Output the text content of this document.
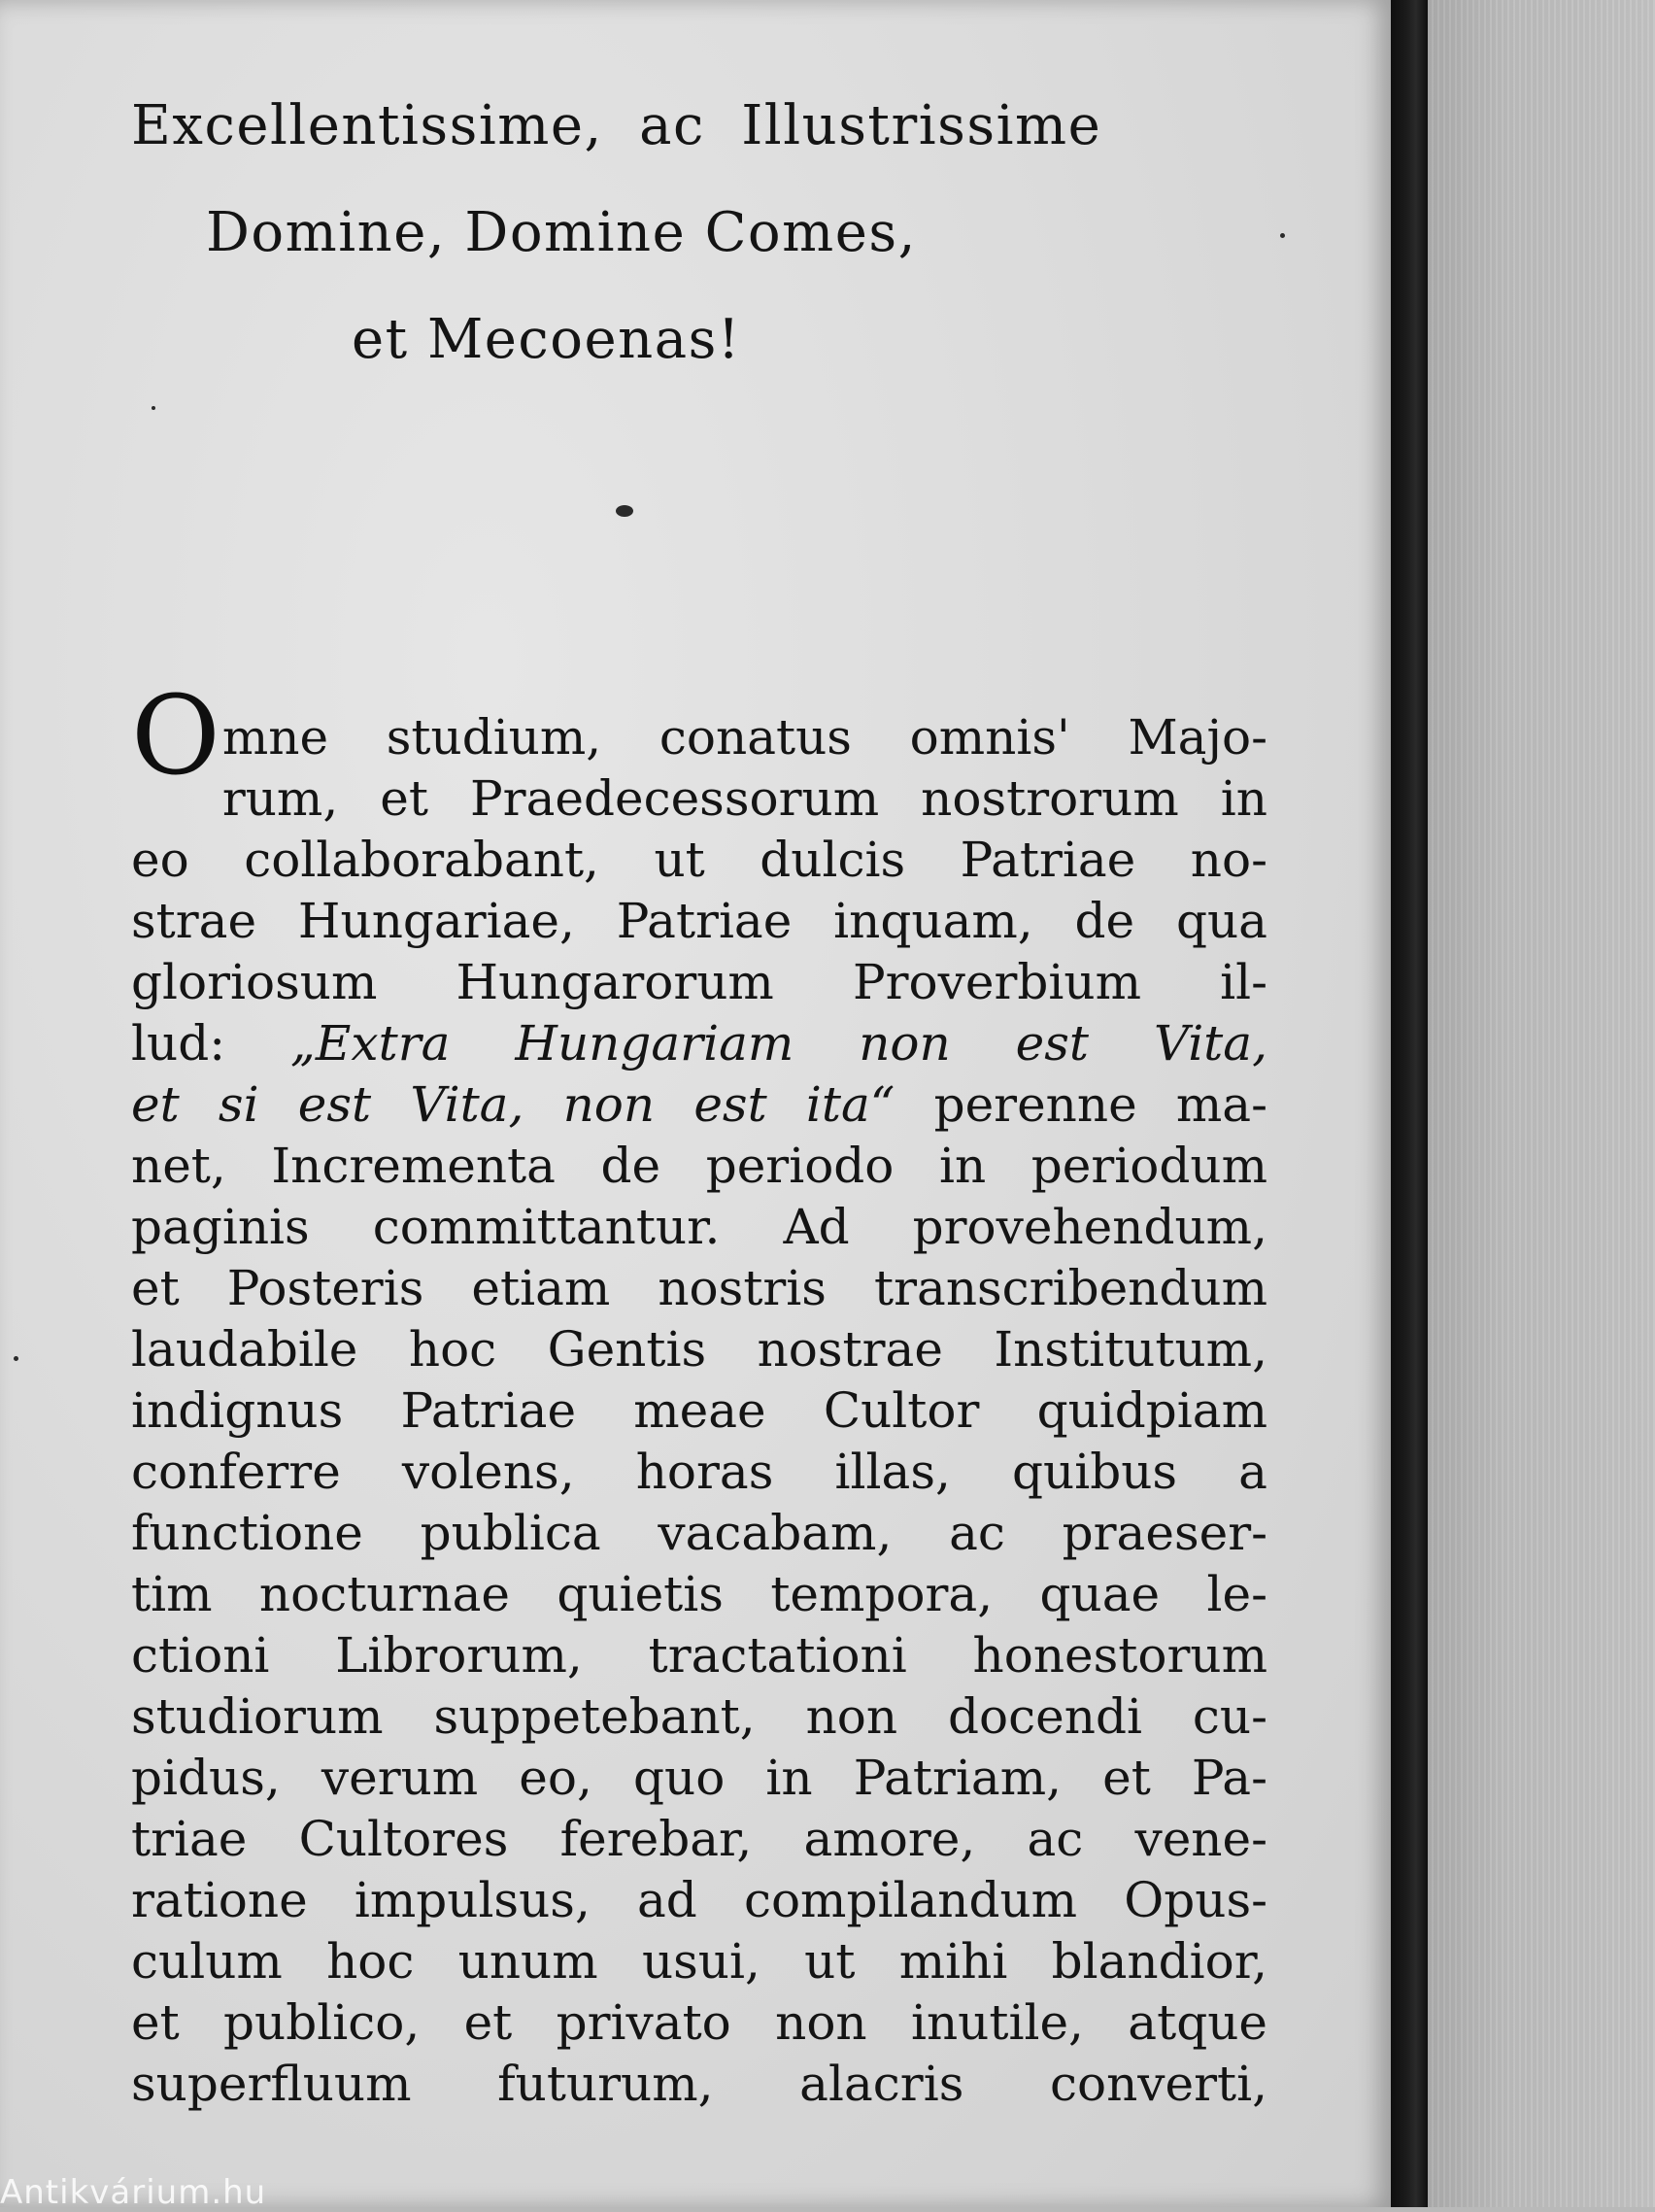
Excellentissime, ac Illustrissime

Domine, Domine Comes,

et Mecoenas!

O mne studium, conatus omnis' Majo-
rum, et Praedecessorum nostrorum in
eo collaborabant, ut dulcis Patriae no-
strae Hungariae, Patriae inquam, de qua
gloriosum Hungarorum Proverbium il-
lud: „Extra Hungariam non est Vita,
et si est Vita, non est ita“ perenne ma-
net, Incrementa de periodo in periodum
paginis committantur. Ad provehendum,
et Posteris etiam nostris transcribendum
laudabile hoc Gentis nostrae Institutum,
indignus Patriae meae Cultor quidpiam
conferre volens, horas illas, quibus a
functione publica vacabam, ac praeser-
tim nocturnae quietis tempora, quae le-
ctioni Librorum, tractationi honestorum
studiorum suppetebant, non docendi cu-
pidus, verum eo, quo in Patriam, et Pa-
triae Cultores ferebar, amore, ac vene-
ratione impulsus, ad compilandum Opus-
culum hoc unum usui, ut mihi blandior,
et publico, et privato non inutile, atque
superfluum futurum, alacris converti,
Antikvárium.hu
